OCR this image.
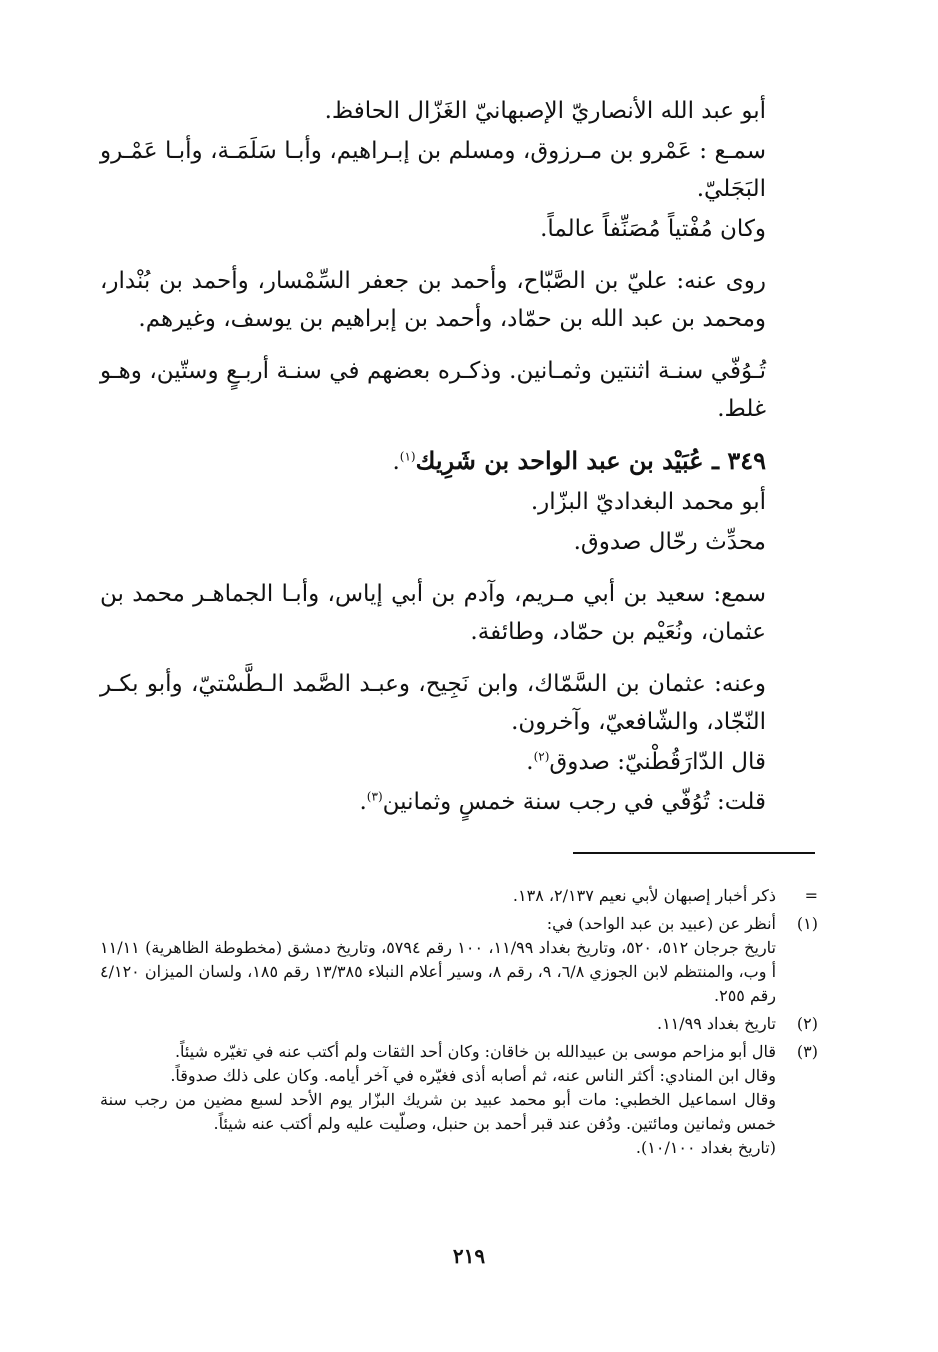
أبو عبد الله الأنصاريّ الإصبهانيّ الغَزّال الحافظ.

سمـع : عَمْرو بن مـرزوق، ومسلم بن إبـراهيم، وأبـا سَلَمَـة، وأبـا عَمْـرو البَجَليّ.

وكان مُفْتياً مُصَنِّفاً عالماً.

روى عنه: عليّ بن الصَّبّاح، وأحمد بن جعفر السِّمْسار، وأحمد بن بُنْدار، ومحمد بن عبد الله بن حمّاد، وأحمد بن إبراهيم بن يوسف، وغيرهم.

تُـوُفّي سنـة اثنتين وثمـانين. وذكـره بعضهم في سنـة أربـعٍ وستّين، وهـو غلط.

٣٤٩ ـ عُبَيْد بن عبد الواحد بن شَرِيك$^{(١)}$.

أبو محمد البغداديّ البزّار.

محدِّث رحّال صدوق.

سمع: سعيد بن أبي مـريم، وآدم بن أبي إياس، وأبـا الجماهـر محمد بن عثمان، ونُعَيْم بن حمّاد، وطائفة.

وعنه: عثمان بن السَّمّاك، وابن نَجِيح، وعبـد الصَّمد الـطَّسْتيّ، وأبو بكـر النّجّاد، والشّافعيّ، وآخرون.

قال الدّارَقُطْنيّ: صدوق$^{(٢)}$.

قلت: تُوُفّي في رجب سنة خمسٍ وثمانين$^{(٣)}$.

=
ذكر أخبار إصبهان لأبي نعيم ٢/١٣٧، ١٣٨.
(١)
أنظر عن (عبيد بن عبد الواحد) في:
تاريخ جرجان ٥١٢، ٥٢٠، وتاريخ بغداد ١١/٩٩، ١٠٠ رقم ٥٧٩٤، وتاريخ دمشق (مخطوطة الظاهرية) ١١/١١ أ وب، والمنتظم لابن الجوزي ٦/٨، ٩، رقم ٨، وسير أعلام النبلاء ١٣/٣٨٥ رقم ١٨٥، ولسان الميزان ٤/١٢٠ رقم ٢٥٥.
(٢)
تاريخ بغداد ١١/٩٩.
(٣)
قال أبو مزاحم موسى بن عبيدالله بن خاقان: وكان أحد الثقات ولم أكتب عنه في تغيّره شيئاً.
وقال ابن المنادي: أكثر الناس عنه، ثم أصابه أذى فغيّره في آخر أيامه. وكان على ذلك صدوقاً.
وقال اسماعيل الخطبي: مات أبو محمد عبيد بن شريك البزّار يوم الأحد لسبع مضين من رجب سنة خمس وثمانين ومائتين. ودُفن عند قبر أحمد بن حنبل، وصلّيت عليه ولم أكتب عنه شيئاً.
(تاريخ بغداد ١٠/١٠٠).
٢١٩
